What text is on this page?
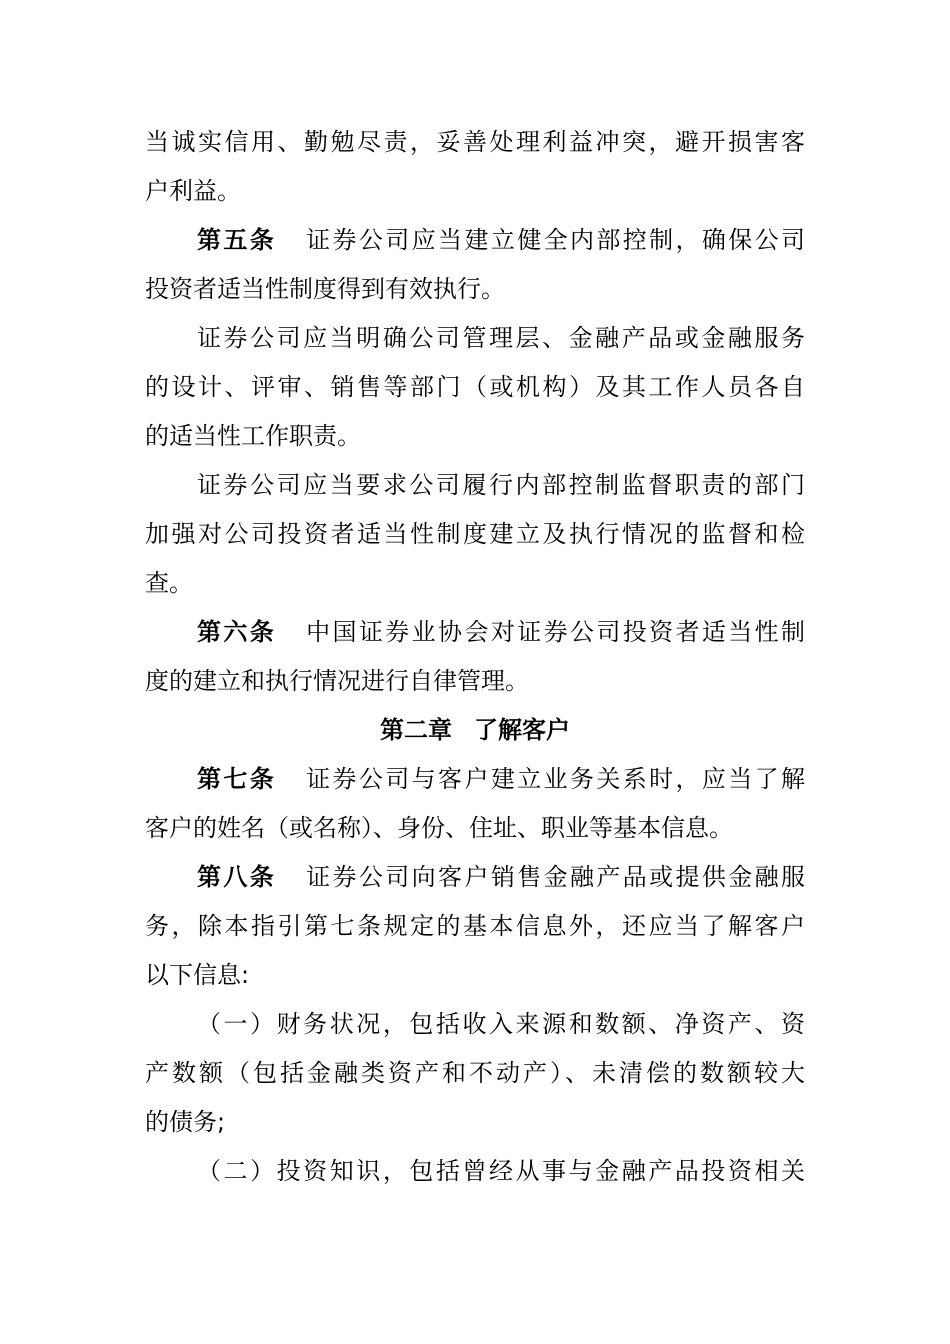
当诚实信用、勤勉尽责，妥善处理利益冲突，避开损害客
户利益。
第五条 证券公司应当建立健全内部控制，确保公司
投资者适当性制度得到有效执行。
证券公司应当明确公司管理层、金融产品或金融服务
的设计、评审、销售等部门（或机构）及其工作人员各自
的适当性工作职责。
证券公司应当要求公司履行内部控制监督职责的部门
加强对公司投资者适当性制度建立及执行情况的监督和检
查。
第六条 中国证券业协会对证券公司投资者适当性制
度的建立和执行情况进行自律管理。
第二章 了解客户
第七条 证券公司与客户建立业务关系时，应当了解
客户的姓名（或名称）、身份、住址、职业等基本信息。
第八条 证券公司向客户销售金融产品或提供金融服
务，除本指引第七条规定的基本信息外，还应当了解客户
以下信息:
（一）财务状况，包括收入来源和数额、净资产、资
产数额（包括金融类资产和不动产）、未清偿的数额较大
的债务;
（二）投资知识，包括曾经从事与金融产品投资相关
